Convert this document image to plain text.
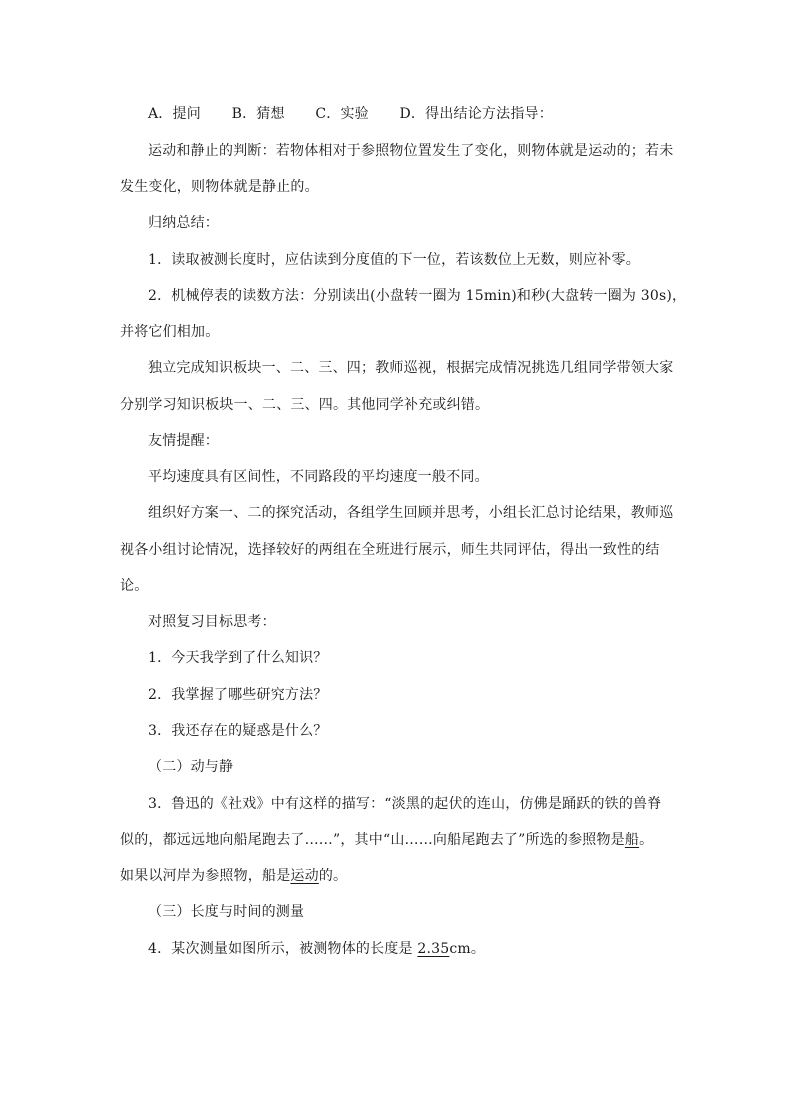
A．提问 B．猜想 C．实验 D．得出结论方法指导：
运动和静止的判断：若物体相对于参照物位置发生了变化，则物体就是运动的；若未
发生变化，则物体就是静止的。
归纳总结：
1．读取被测长度时，应估读到分度值的下一位，若该数位上无数，则应补零。
2．机械停表的读数方法：分别读出(小盘转一圈为 15min)和秒(大盘转一圈为 30s)，
并将它们相加。
独立完成知识板块一、二、三、四；教师巡视，根据完成情况挑选几组同学带领大家
分别学习知识板块一、二、三、四。其他同学补充或纠错。
友情提醒：
平均速度具有区间性，不同路段的平均速度一般不同。
组织好方案一、二的探究活动，各组学生回顾并思考，小组长汇总讨论结果，教师巡
视各小组讨论情况，选择较好的两组在全班进行展示，师生共同评估，得出一致性的结
论。
对照复习目标思考：
1．今天我学到了什么知识？
2．我掌握了哪些研究方法？
3．我还存在的疑惑是什么？
（二）动与静
3．鲁迅的《社戏》中有这样的描写：“淡黑的起伏的连山，仿佛是踊跃的铁的兽脊
似的，都远远地向船尾跑去了……”，其中“山……向船尾跑去了”所选的参照物是船。
如果以河岸为参照物，船是运动的。
（三）长度与时间的测量
4．某次测量如图所示，被测物体的长度是 2.35cm。
